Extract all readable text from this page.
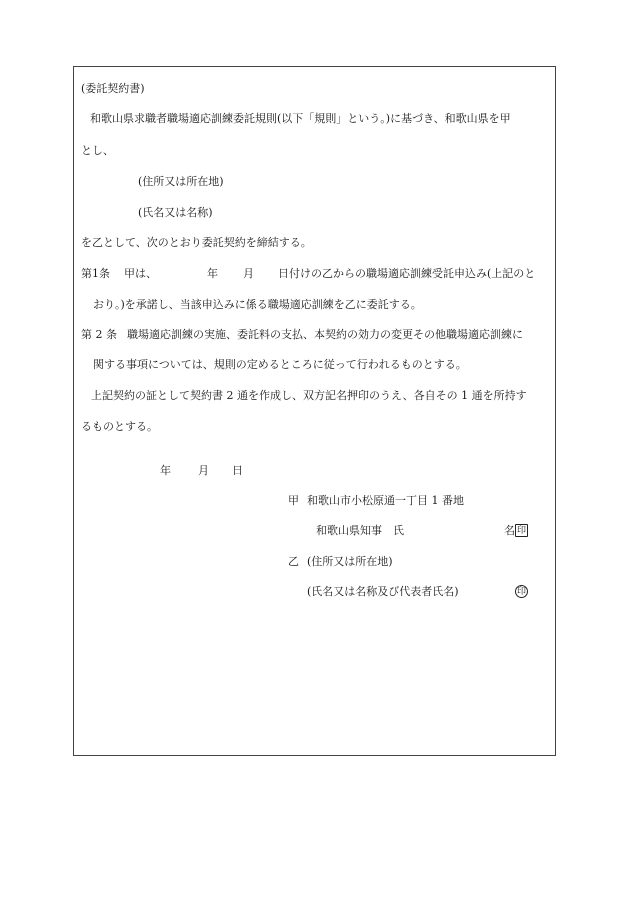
(委託契約書)
和歌山県求職者職場適応訓練委託規則(以下「規則」という。)に基づき、和歌山県を甲
とし、
(住所又は所在地)
(氏名又は名称)
を乙として、次のとおり委託契約を締結する。
第1条 甲は、	年 月 日付けの乙からの職場適応訓練受託申込み(上記のと
おり。)を承諾し、当該申込みに係る職場適応訓練を乙に委託する。
第 2 条 職場適応訓練の実施、委託料の支払、本契約の効力の変更その他職場適応訓練に
関する事項については、規則の定めるところに従って行われるものとする。
上記契約の証として契約書 2 通を作成し、双方記名押印のうえ、各自その 1 通を所持す
るものとする。
年 月 日
甲 和歌山市小松原通一丁目 1 番地
和歌山県知事　氏	名 印
乙 (住所又は所在地)
(氏名又は名称及び代表者氏名)	印
